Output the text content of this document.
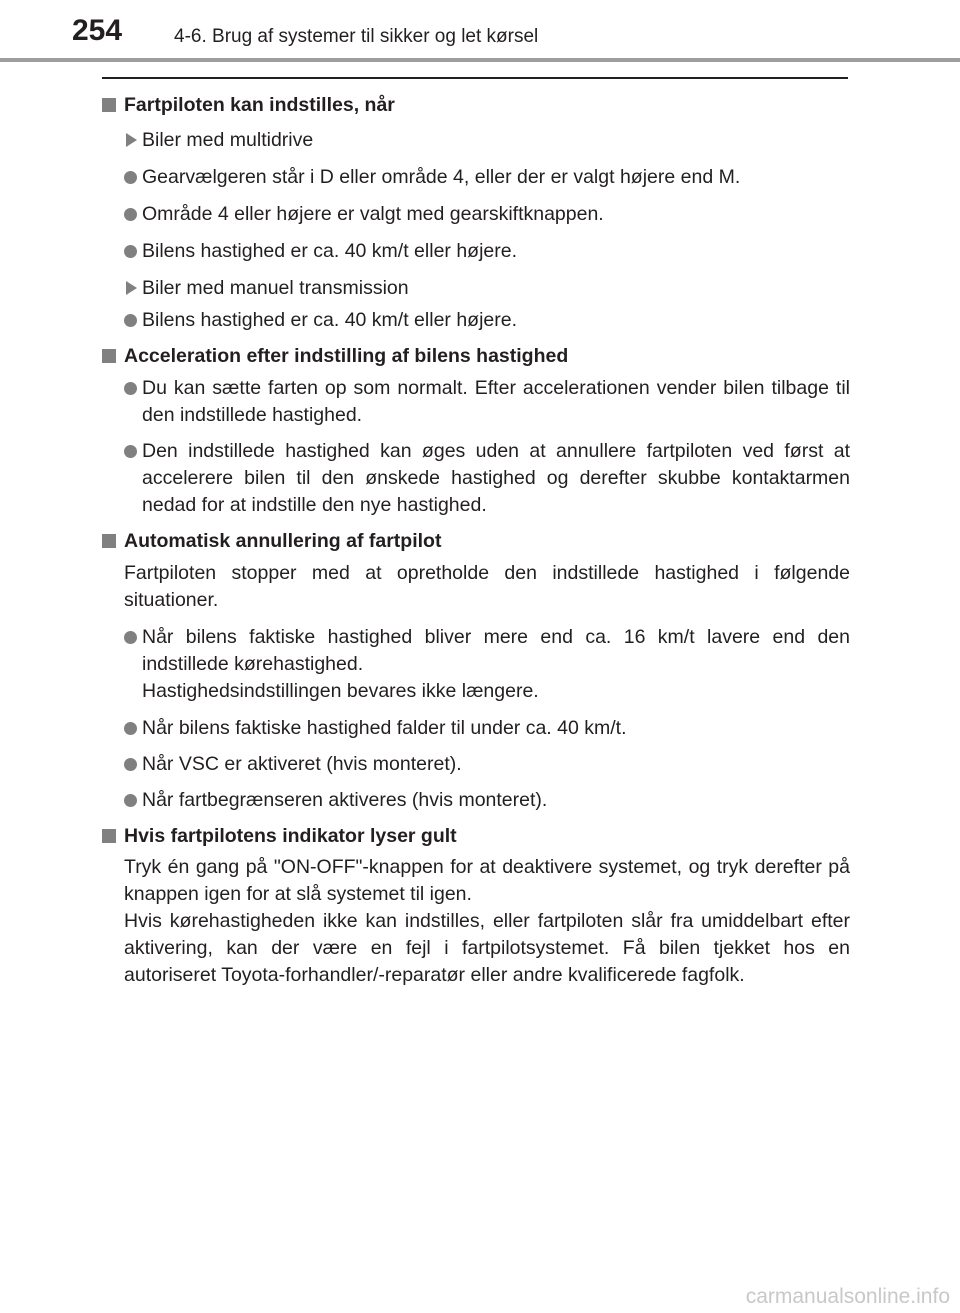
254	4-6. Brug af systemer til sikker og let kørsel
Fartpiloten kan indstilles, når
Biler med multidrive
Gearvælgeren står i D eller område 4, eller der er valgt højere end M.
Område 4 eller højere er valgt med gearskiftknappen.
Bilens hastighed er ca. 40 km/t eller højere.
Biler med manuel transmission
Bilens hastighed er ca. 40 km/t eller højere.
Acceleration efter indstilling af bilens hastighed
Du kan sætte farten op som normalt. Efter accelerationen vender bilen tilbage til den indstillede hastighed.
Den indstillede hastighed kan øges uden at annullere fartpiloten ved først at accelerere bilen til den ønskede hastighed og derefter skubbe kontaktarmen nedad for at indstille den nye hastighed.
Automatisk annullering af fartpilot
Fartpiloten stopper med at opretholde den indstillede hastighed i følgende situationer.
Når bilens faktiske hastighed bliver mere end ca. 16 km/t lavere end den indstillede kørehastighed.
Hastighedsindstillingen bevares ikke længere.
Når bilens faktiske hastighed falder til under ca. 40 km/t.
Når VSC er aktiveret (hvis monteret).
Når fartbegrænseren aktiveres (hvis monteret).
Hvis fartpilotens indikator lyser gult
Tryk én gang på "ON-OFF"-knappen for at deaktivere systemet, og tryk derefter på knappen igen for at slå systemet til igen.
Hvis kørehastigheden ikke kan indstilles, eller fartpiloten slår fra umiddelbart efter aktivering, kan der være en fejl i fartpilotsystemet. Få bilen tjekket hos en autoriseret Toyota-forhandler/-reparatør eller andre kvalificerede fagfolk.
carmanualsonline.info
